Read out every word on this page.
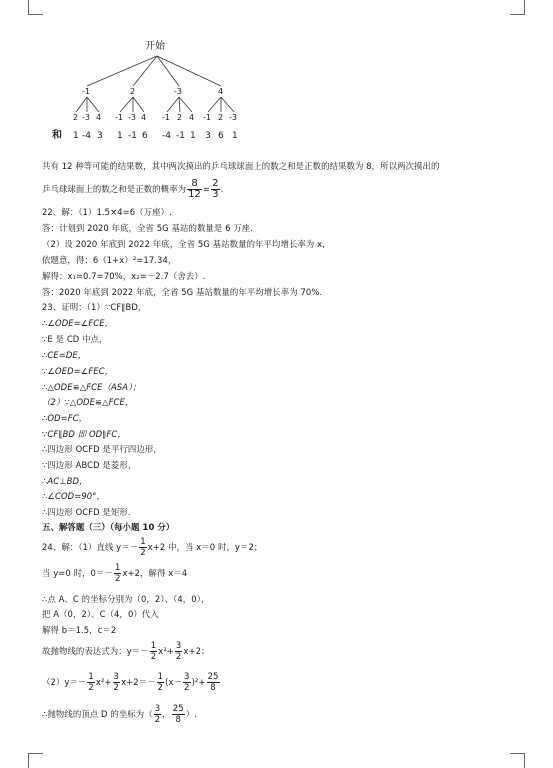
开始
-1	2	-3	4
2 -3 4 -1 -3 4 -1 2 4 -1 2 -3
和 1 -4 3 1 -1 6 -4 -1 1 3 6 1
共有 12 种等可能的结果数，其中两次摸出的乒乓球球面上的数之和是正数的结果数为 8，所以两次摸出的
乒乓球球面上的数之和是正数的概率为 $\frac{8}{12} = \frac{2}{3}$ .
22、解：（1）1.5×4=6（万座）.
答：计划到 2020 年底，全省 5G 基站的数量是 6 万座.
（2）设 2020 年底到 2022 年底，全省 5G 基站数量的年平均增长率为 x,
依题意，得：6（1+x）²=17.34，
解得：x₁=0.7=70%，x₂=－2.7（舍去）.
答：2020 年底到 2022 年底，全省 5G 基站数量的年平均增长率为 70%.
23、证明：（1）∵CF∥BD，
∴∠ODE=∠FCE，
∵E 是 CD 中点，
∴CE=DE，
∵∠OED=∠FEC，
∴△ODE≌△FCE（ASA）；
（2）∵△ODE≌△FCE，
∴OD=FC，
∵CF∥BD 即 OD∥FC，
∴四边形 OCFD 是平行四边形，
∵四边形 ABCD 是菱形，
∴AC⊥BD，
∴∠COD=90°，
∴四边形 OCFD 是矩形.
五、解答题（三）（每小题 10 分）
24、解：（1）直线 $y=- \frac{1}{2} x+2$ 中，当 x＝0 时，y＝2；
当 y=0 时，$0=- \frac{1}{2} x+2$，解得 x＝4
∴点 A、C 的坐标分别为（0，2）、（4，0），
把 A（0，2）、C（4，0）代入
解得 b＝1.5，c＝2
故抛物线的表达式为：$y=- \frac{1}{2} x^2+ \frac{3}{2} x+2$；
$(2)y=- \frac{1}{2} x^2+ \frac{3}{2} x+2=- \frac{1}{2} (x- \frac{3}{2} )^2+ \frac{25}{8}$
∴抛物线的顶点 D 的坐标为（ $\frac{3}{2}$ ， $\frac{25}{8}$ ）.
